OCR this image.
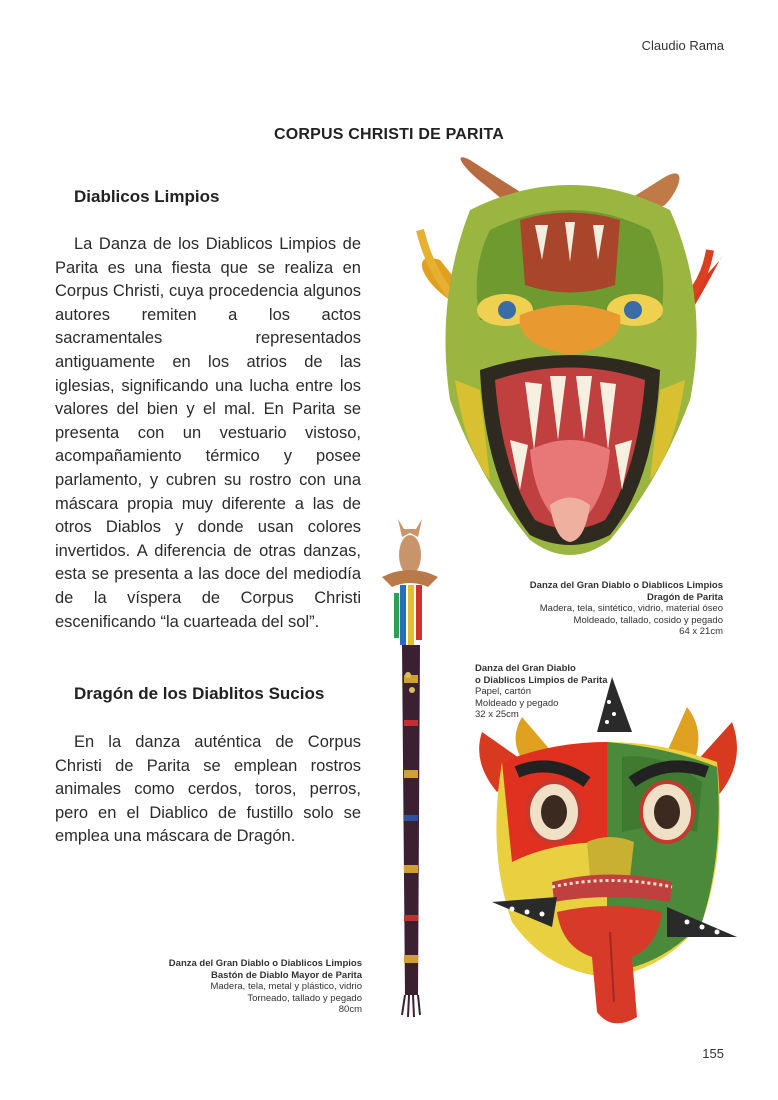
Claudio Rama
CORPUS CHRISTI DE PARITA
Diablicos Limpios

La Danza de los Diablicos Limpios de Parita es una fiesta que se realiza en Corpus Christi, cuya procedencia algunos autores remiten a los actos sacramentales representados antiguamente en los atrios de las iglesias, significando una lucha entre los valores del bien y el mal. En Parita se presenta con un vestuario vistoso, acompañamiento térmico y posee parlamento, y cubren su rostro con una máscara propia muy diferente a las de otros Diablos y donde usan colores invertidos. A diferencia de otras danzas, esta se presenta a las doce del mediodía de la víspera de Corpus Christi escenificando “la cuarteada del sol”.

Dragón de los Diablitos Sucios

En la danza auténtica de Corpus Christi de Parita se emplean rostros animales como cerdos, toros, perros, pero en el Diablico de fustillo solo se emplea una máscara de Dragón.

Danza del Gran Diablo o Diablicos Limpios
Dragón de Parita
Madera, tela, sintético, vidrio, material óseo
Moldeado, tallado, cosido y pegado
64 x 21cm
Danza del Gran Diablo
o Diablicos Limpios de Parita
Papel, cartón
Moldeado y pegado
32 x 25cm
Danza del Gran Diablo o Diablicos Limpios
Bastón de Diablo Mayor de Parita
Madera, tela, metal y plástico, vidrio
Torneado, tallado y pegado
80cm
155
